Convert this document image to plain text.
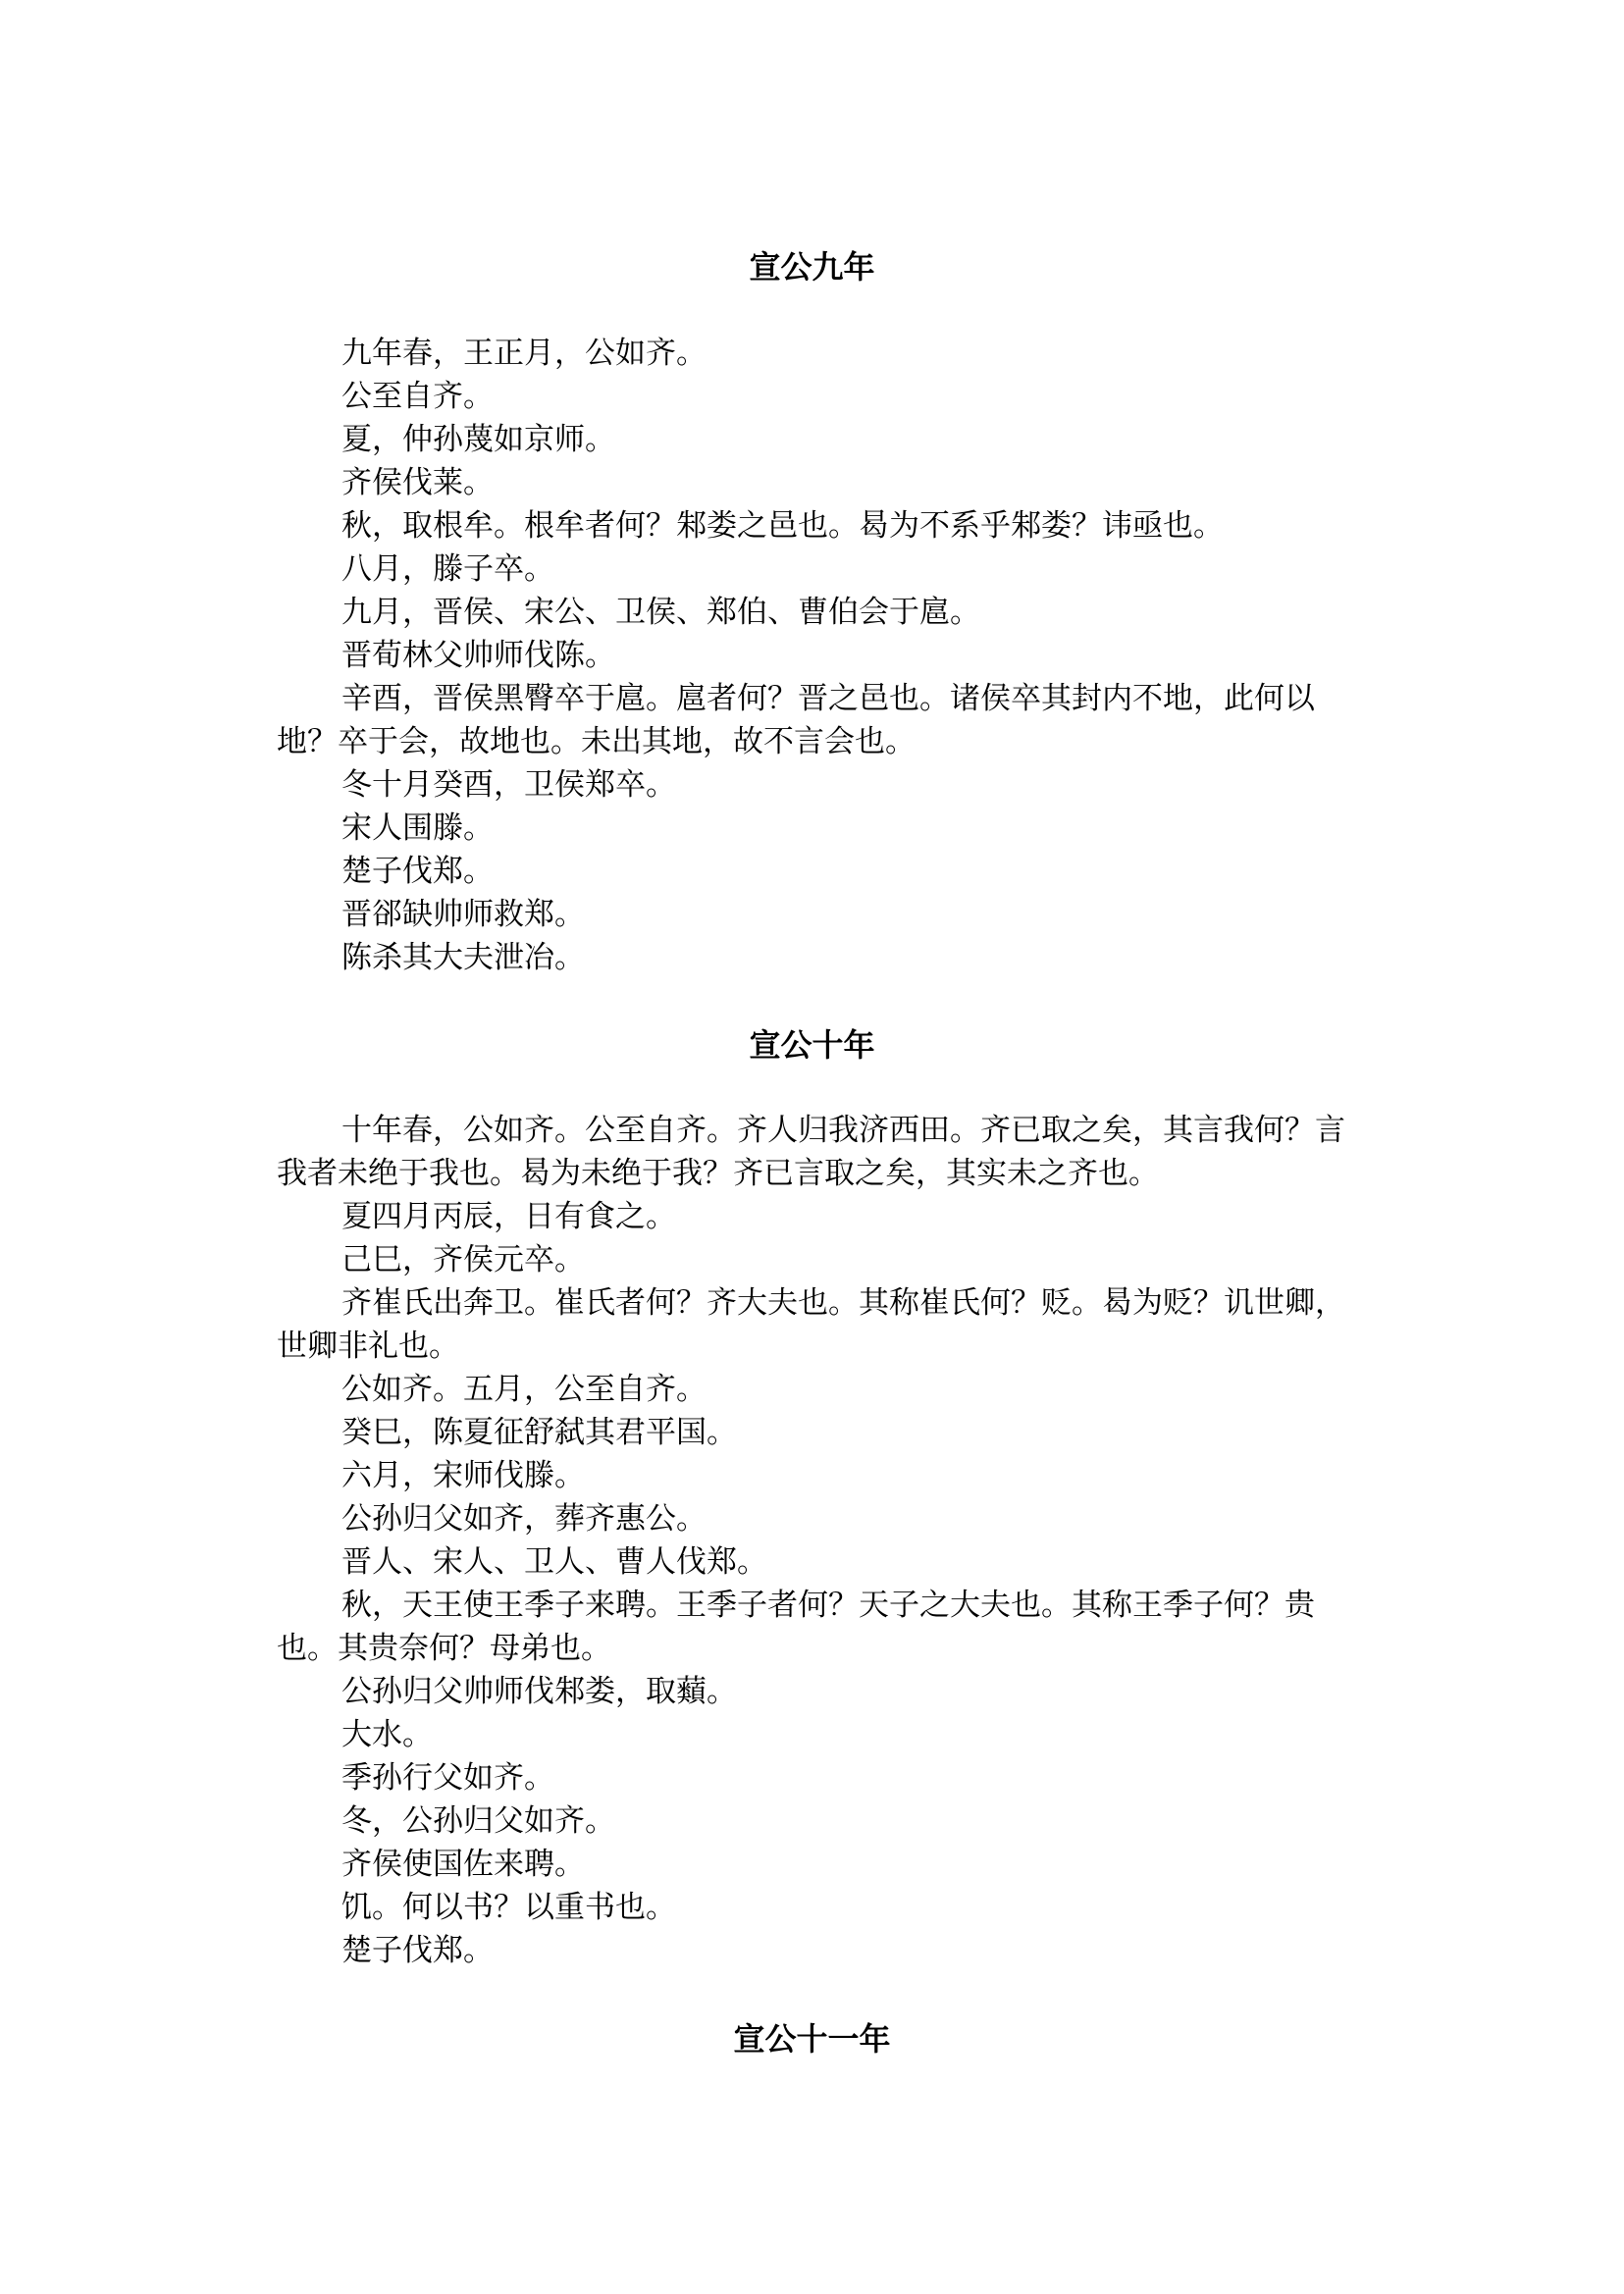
宣公九年

九年春，王正月，公如齐。

公至自齐。

夏，仲孙蔑如京师。

齐侯伐莱。

秋，取根牟。根牟者何？邾娄之邑也。曷为不系乎邾娄？讳亟也。

八月，滕子卒。

九月，晋侯、宋公、卫侯、郑伯、曹伯会于扈。

晋荀林父帅师伐陈。

辛酉，晋侯黑臀卒于扈。扈者何？晋之邑也。诸侯卒其封内不地，此何以地？卒于会，故地也。未出其地，故不言会也。

冬十月癸酉，卫侯郑卒。

宋人围滕。

楚子伐郑。

晋郤缺帅师救郑。

陈杀其大夫泄冶。

宣公十年

十年春，公如齐。公至自齐。齐人归我济西田。齐已取之矣，其言我何？言我者未绝于我也。曷为未绝于我？齐已言取之矣，其实未之齐也。

夏四月丙辰，日有食之。

己巳，齐侯元卒。

齐崔氏出奔卫。崔氏者何？齐大夫也。其称崔氏何？贬。曷为贬？讥世卿，世卿非礼也。

公如齐。五月，公至自齐。

癸巳，陈夏征舒弑其君平国。

六月，宋师伐滕。

公孙归父如齐，葬齐惠公。

晋人、宋人、卫人、曹人伐郑。

秋，天王使王季子来聘。王季子者何？天子之大夫也。其称王季子何？贵也。其贵奈何？母弟也。

公孙归父帅师伐邾娄，取蘱。

大水。

季孙行父如齐。

冬，公孙归父如齐。

齐侯使国佐来聘。

饥。何以书？以重书也。

楚子伐郑。

宣公十一年
